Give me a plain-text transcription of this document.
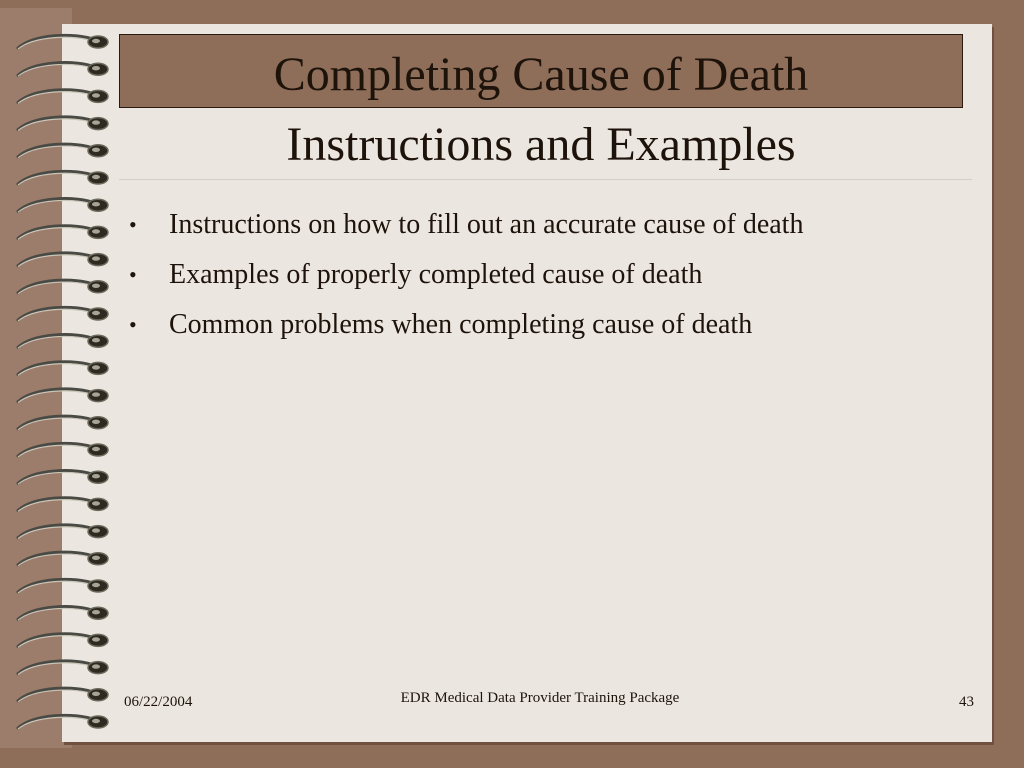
Completing Cause of Death
Instructions and Examples
• Instructions on how to fill out an accurate cause of death
• Examples of properly completed cause of death
• Common problems when completing cause of death
06/22/2004	EDR Medical Data Provider Training Package	43
